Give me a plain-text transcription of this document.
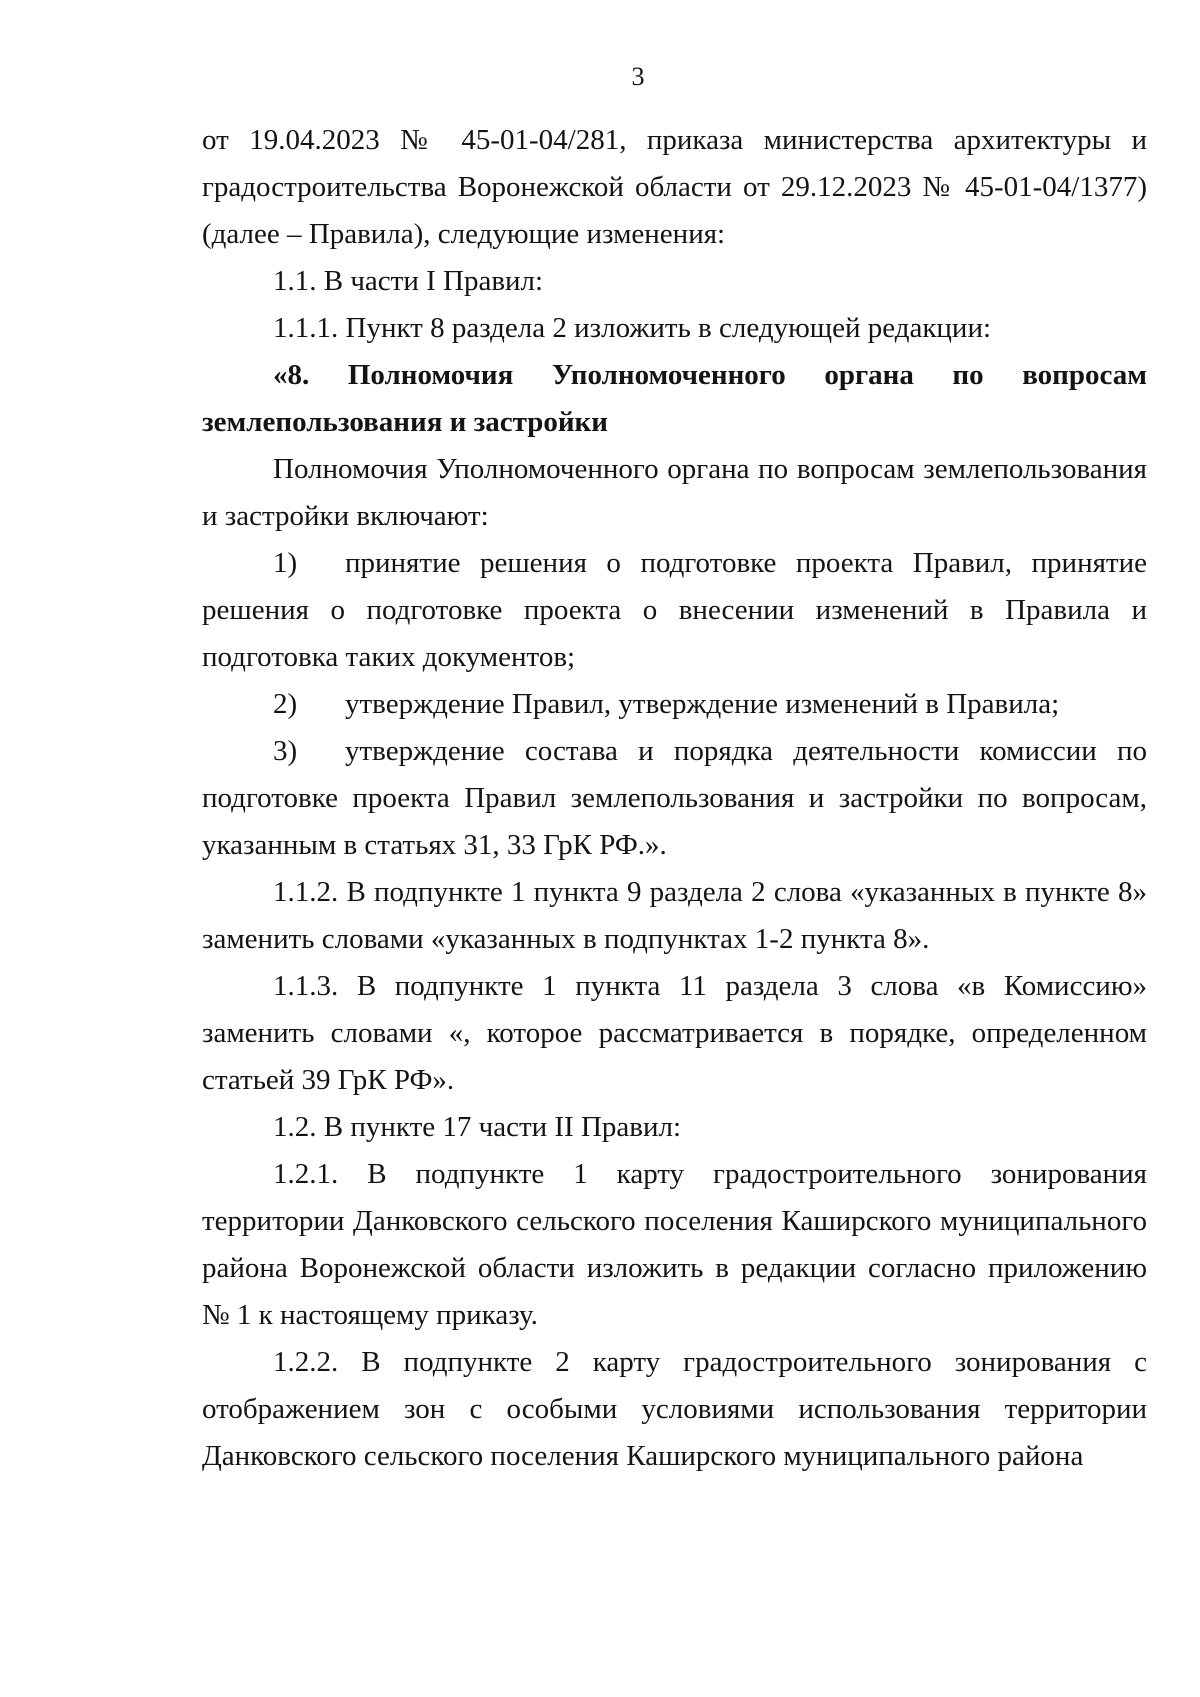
3

от 19.04.2023 № 45-01-04/281, приказа министерства архитектуры и градостроительства Воронежской области от 29.12.2023 № 45-01-04/1377) (далее – Правила), следующие изменения:

1.1. В части I Правил:

1.1.1. Пункт 8 раздела 2 изложить в следующей редакции:

«8. Полномочия Уполномоченного органа по вопросам землепользования и застройки

Полномочия Уполномоченного органа по вопросам землепользования и застройки включают:

1) принятие решения о подготовке проекта Правил, принятие решения о подготовке проекта о внесении изменений в Правила и подготовка таких документов;

2) утверждение Правил, утверждение изменений в Правила;

3) утверждение состава и порядка деятельности комиссии по подготовке проекта Правил землепользования и застройки по вопросам, указанным в статьях 31, 33 ГрК РФ.».

1.1.2. В подпункте 1 пункта 9 раздела 2 слова «указанных в пункте 8» заменить словами «указанных в подпунктах 1-2 пункта 8».

1.1.3. В подпункте 1 пункта 11 раздела 3 слова «в Комиссию» заменить словами «, которое рассматривается в порядке, определенном статьей 39 ГрК РФ».

1.2. В пункте 17 части II Правил:

1.2.1. В подпункте 1 карту градостроительного зонирования территории Данковского сельского поселения Каширского муниципального района Воронежской области изложить в редакции согласно приложению № 1 к настоящему приказу.

1.2.2. В подпункте 2 карту градостроительного зонирования с отображением зон с особыми условиями использования территории Данковского сельского поселения Каширского муниципального района
